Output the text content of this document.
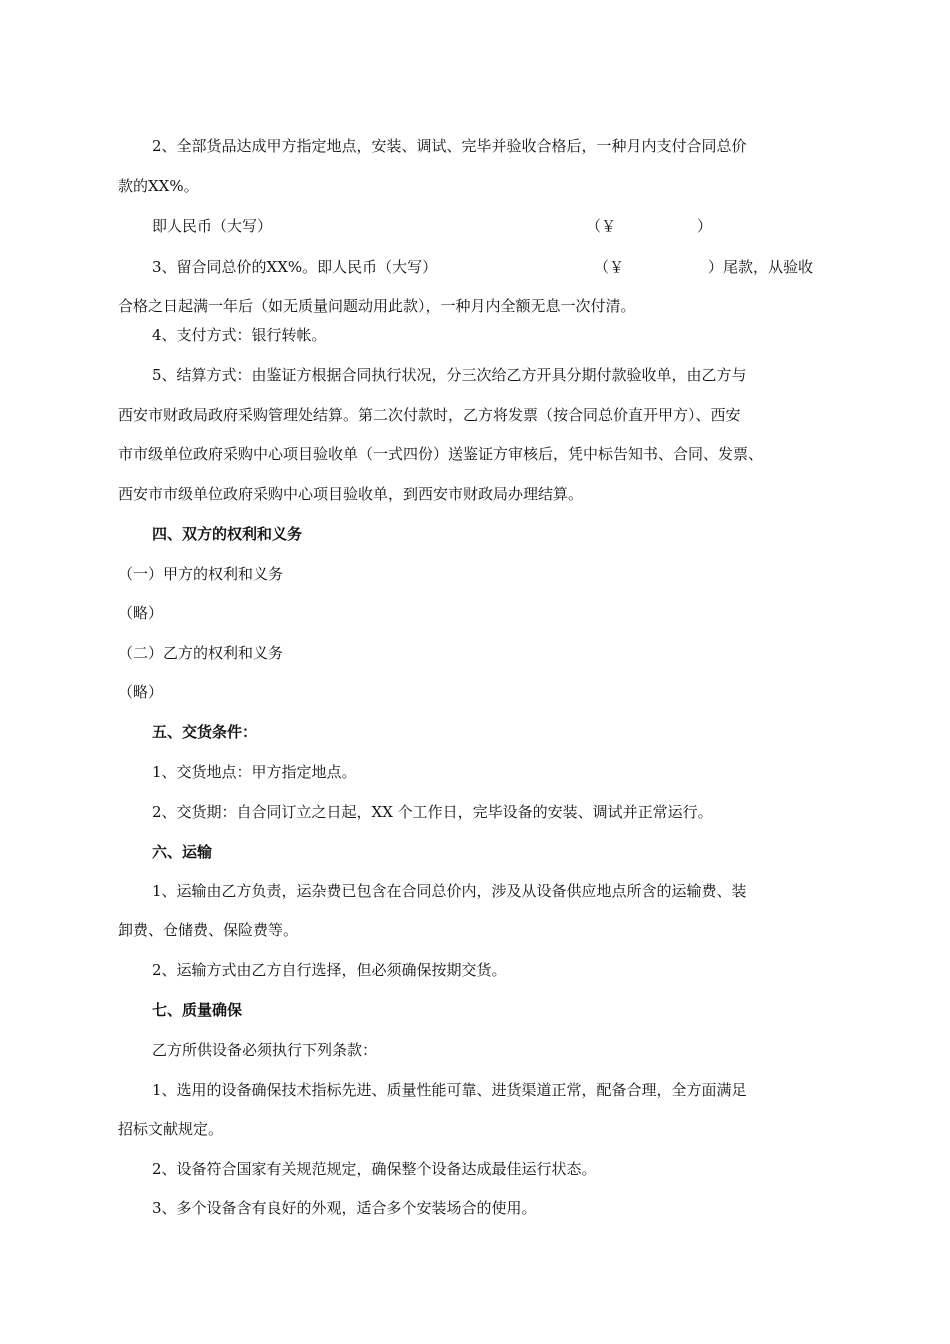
2、全部货品达成甲方指定地点，安装、调试、完毕并验收合格后，一种月内支付合同总价
款的XX%。
即人民币（大写）	（￥	）
3、留合同总价的XX%。即人民币（大写）	（￥	）尾款，从验收
合格之日起满一年后（如无质量问题动用此款），一种月内全额无息一次付清。
4、支付方式：银行转帐。
5、结算方式：由鉴证方根据合同执行状况，分三次给乙方开具分期付款验收单，由乙方与
西安市财政局政府采购管理处结算。第二次付款时，乙方将发票（按合同总价直开甲方）、西安
市市级单位政府采购中心项目验收单（一式四份）送鉴证方审核后，凭中标告知书、合同、发票、
西安市市级单位政府采购中心项目验收单，到西安市财政局办理结算。
四、双方的权利和义务
（一）甲方的权利和义务
（略）
（二）乙方的权利和义务
（略）
五、交货条件：
1、交货地点：甲方指定地点。
2、交货期：自合同订立之日起，XX 个工作日，完毕设备的安装、调试并正常运行。
六、运输
1、运输由乙方负责，运杂费已包含在合同总价内，涉及从设备供应地点所含的运输费、装
卸费、仓储费、保险费等。
2、运输方式由乙方自行选择，但必须确保按期交货。
七、质量确保
乙方所供设备必须执行下列条款：
1、选用的设备确保技术指标先进、质量性能可靠、进货渠道正常，配备合理，全方面满足
招标文献规定。
2、设备符合国家有关规范规定，确保整个设备达成最佳运行状态。
3、多个设备含有良好的外观，适合多个安装场合的使用。
